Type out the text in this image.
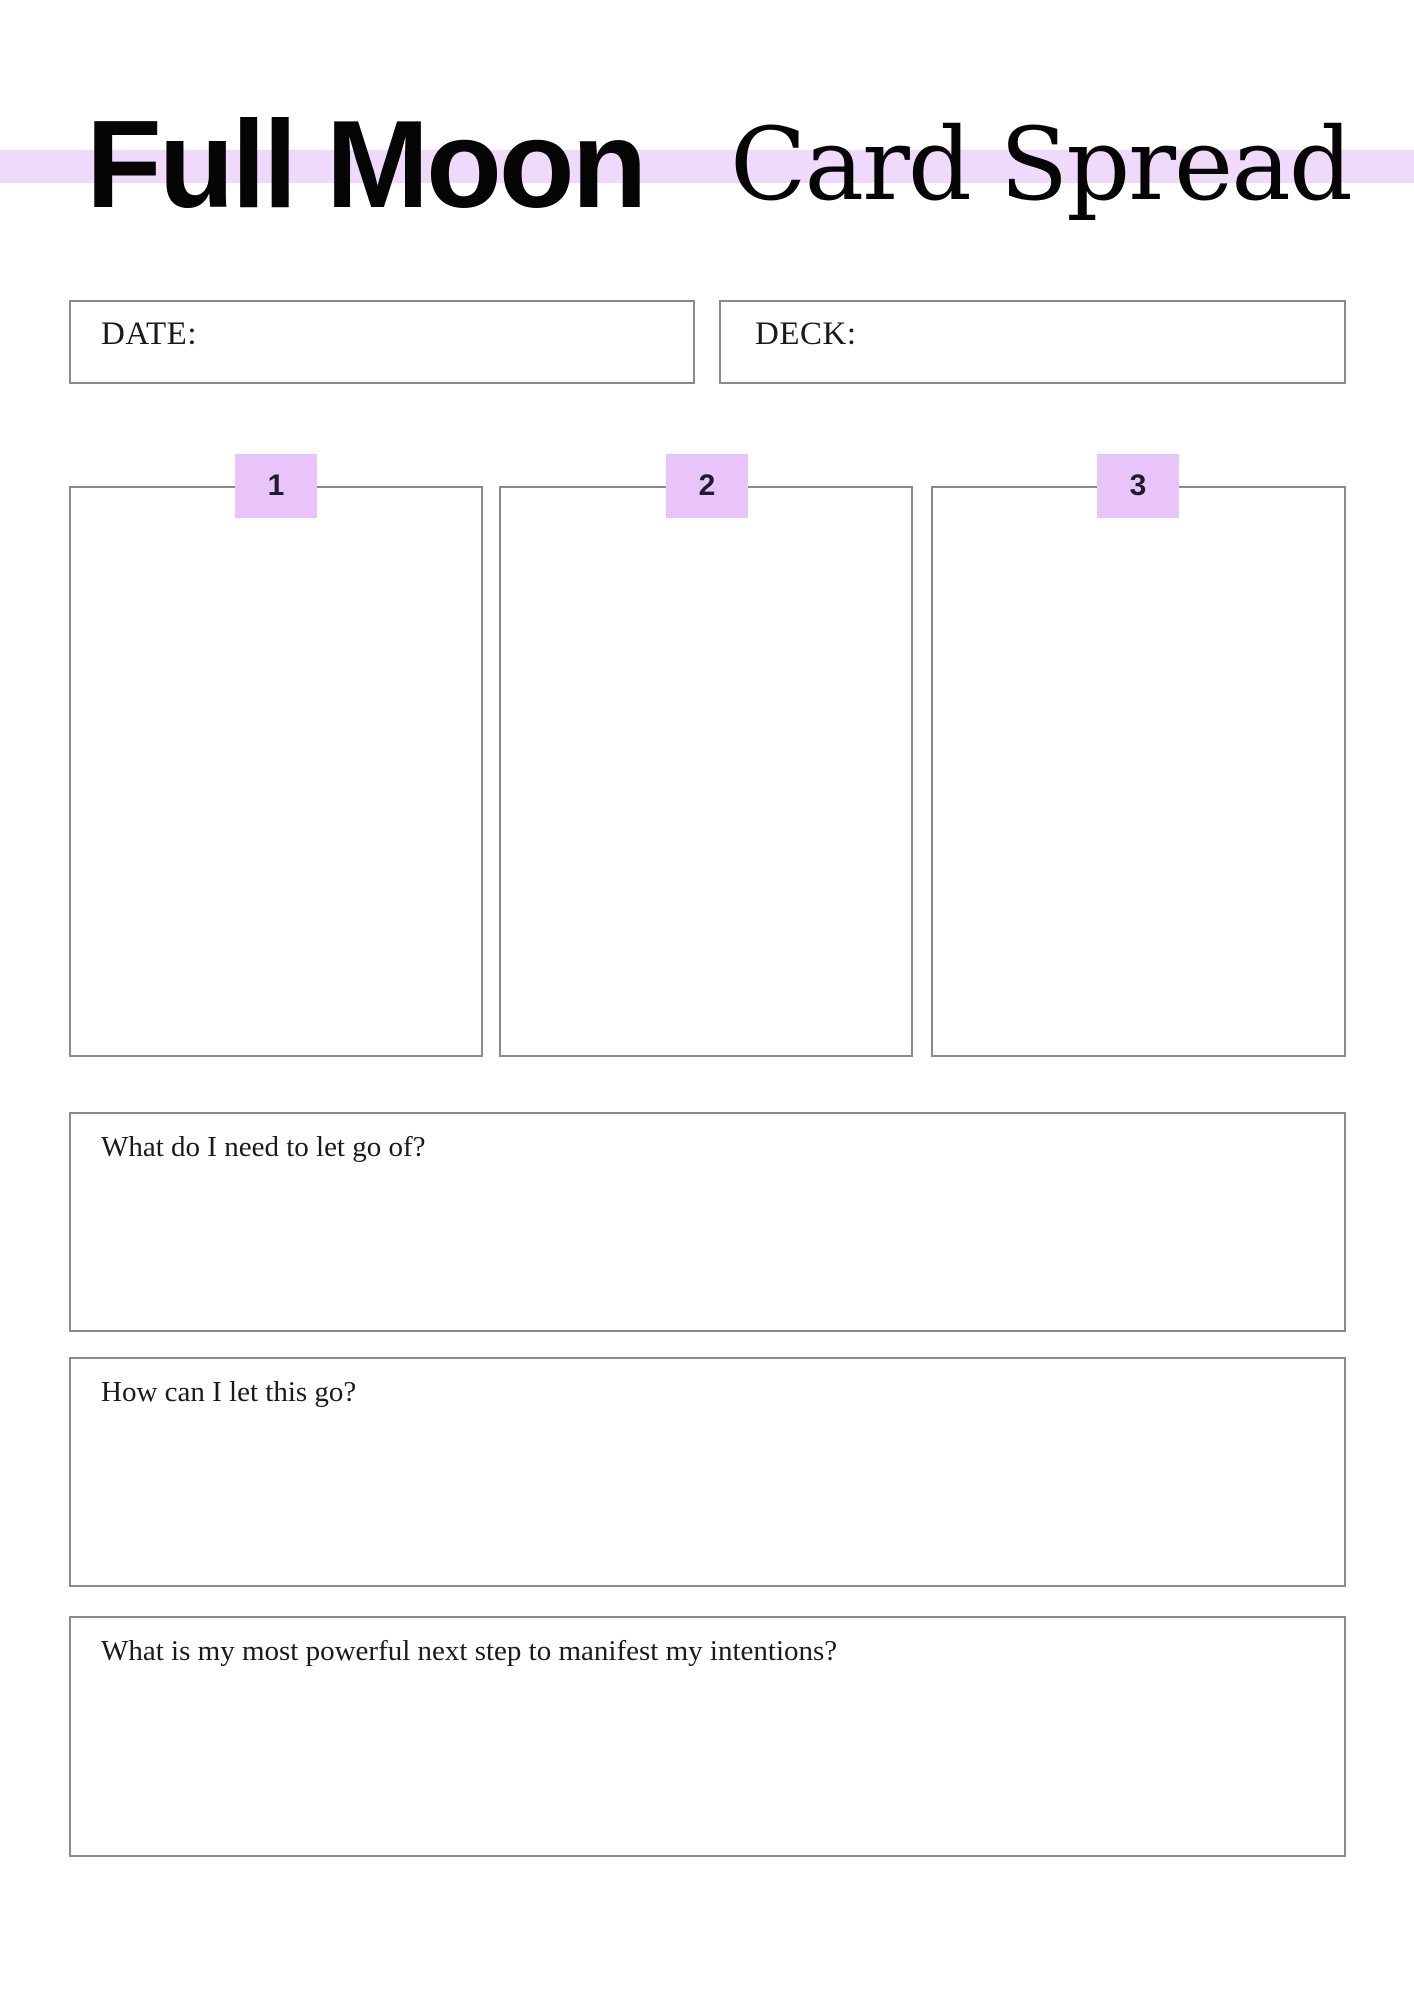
Full Moon Card Spread
DATE:	DECK:
1	2	3
What do I need to let go of?
How can I let this go?
What is my most powerful next step to manifest my intentions?
